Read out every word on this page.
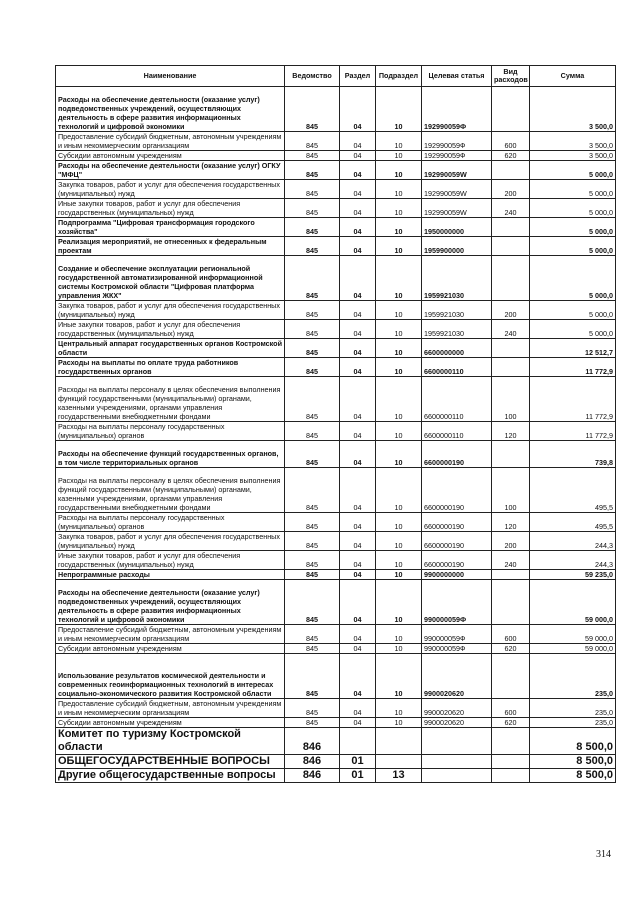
Наименование	Ведомство	Раздел	Подраздел	Целевая статья	Вид расходов	Сумма
Расходы на обеспечение деятельности (оказание услуг) подведомственных учреждений, осуществляющих деятельность в сфере развития информационных технологий и цифровой экономики	845	04	10	192990059Ф		3 500,0
Предоставление субсидий бюджетным, автономным учреждениям и иным некоммерческим организациям	845	04	10	192990059Ф	600	3 500,0
Субсидии автономным учреждениям	845	04	10	192990059Ф	620	3 500,0
Расходы на обеспечение деятельности (оказание услуг) ОГКУ "МФЦ"	845	04	10	192990059W		5 000,0
Закупка товаров, работ и услуг для обеспечения государственных (муниципальных) нужд	845	04	10	192990059W	200	5 000,0
Иные закупки товаров, работ и услуг для обеспечения государственных (муниципальных) нужд	845	04	10	192990059W	240	5 000,0
Подпрограмма "Цифровая трансформация городского хозяйства"	845	04	10	1950000000		5 000,0
Реализация мероприятий, не отнесенных к федеральным проектам	845	04	10	1959900000		5 000,0
Создание и обеспечение эксплуатации региональной государственной автоматизированной информационной системы Костромской области "Цифровая платформа управления ЖКХ"	845	04	10	1959921030		5 000,0
Закупка товаров, работ и услуг для обеспечения государственных (муниципальных) нужд	845	04	10	1959921030	200	5 000,0
Иные закупки товаров, работ и услуг для обеспечения государственных (муниципальных) нужд	845	04	10	1959921030	240	5 000,0
Центральный аппарат государственных органов Костромской области	845	04	10	6600000000		12 512,7
Расходы на выплаты по оплате труда работников государственных органов	845	04	10	6600000110		11 772,9
Расходы на выплаты персоналу в целях обеспечения выполнения функций государственными (муниципальными) органами, казенными учреждениями, органами управления государственными внебюджетными фондами	845	04	10	6600000110	100	11 772,9
Расходы на выплаты персоналу государственных (муниципальных) органов	845	04	10	6600000110	120	11 772,9
Расходы на обеспечение функций государственных органов, в том числе территориальных органов	845	04	10	6600000190		739,8
Расходы на выплаты персоналу в целях обеспечения выполнения функций государственными (муниципальными) органами, казенными учреждениями, органами управления государственными внебюджетными фондами	845	04	10	6600000190	100	495,5
Расходы на выплаты персоналу государственных (муниципальных) органов	845	04	10	6600000190	120	495,5
Закупка товаров, работ и услуг для обеспечения государственных (муниципальных) нужд	845	04	10	6600000190	200	244,3
Иные закупки товаров, работ и услуг для обеспечения государственных (муниципальных) нужд	845	04	10	6600000190	240	244,3
Непрограммные расходы	845	04	10	9900000000		59 235,0
Расходы на обеспечение деятельности (оказание услуг) подведомственных учреждений, осуществляющих деятельность в сфере развития информационных технологий и цифровой экономики	845	04	10	990000059Ф		59 000,0
Предоставление субсидий бюджетным, автономным учреждениям и иным некоммерческим организациям	845	04	10	990000059Ф	600	59 000,0
Субсидии автономным учреждениям	845	04	10	990000059Ф	620	59 000,0
Использование результатов космической деятельности и современных геоинформационных технологий в интересах социально-экономического развития Костромской области	845	04	10	9900020620		235,0
Предоставление субсидий бюджетным, автономным учреждениям и иным некоммерческим организациям	845	04	10	9900020620	600	235,0
Субсидии автономным учреждениям	845	04	10	9900020620	620	235,0
Комитет по туризму Костромской области	846					8 500,0
ОБЩЕГОСУДАРСТВЕННЫЕ ВОПРОСЫ	846	01				8 500,0
Другие общегосударственные вопросы	846	01	13			8 500,0
314
